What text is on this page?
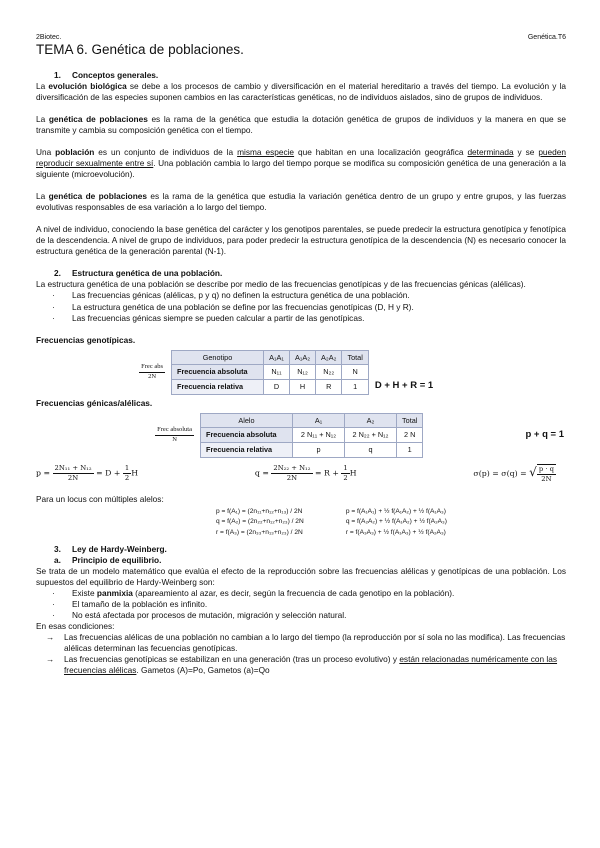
2Biotec.	Genética.T6
TEMA 6. Genética de poblaciones.
1. Conceptos generales.

La evolución biológica se debe a los procesos de cambio y diversificación en el material hereditario a través del tiempo. La evolución y la diversificación de las especies suponen cambios en las características genéticas, no de individuos aislados, sino de grupos de individuos.

La genética de poblaciones es la rama de la genética que estudia la dotación genética de grupos de individuos y la manera en que se transmite y cambia su composición genética con el tiempo.

Una población es un conjunto de individuos de la misma especie que habitan en una localización geográfica determinada y se pueden reproducir sexualmente entre sí. Una población cambia lo largo del tiempo porque se modifica su composición genética de una generación a la siguiente (microevolución).

La genética de poblaciones es la rama de la genética que estudia la variación genética dentro de un grupo y entre grupos, y las fuerzas evolutivas responsables de esa variación a lo largo del tiempo.

A nivel de individuo, conociendo la base genética del carácter y los genotipos parentales, se puede predecir la estructura genotípica y fenotípica de la descendencia. A nivel de grupo de individuos, para poder predecir la estructura genotípica de la descendencia (N) es necesario conocer la estructura genética de la generación parental (N-1).

2. Estructura genética de una población.

La estructura genética de una población se describe por medio de las frecuencias genotípicas y de las frecuencias génicas (alélicas).

· Las frecuencias génicas (alélicas, p y q) no definen la estructura genética de una población.
· La estructura genética de una población se define por las frecuencias genotípicas (D, H y R).
· Las frecuencias génicas siempre se pueden calcular a partir de las genotípicas.
Frecuencias genotípicas.
$\frac{\text{Frec abs}}{2N}$
Genotipo	A₁A₁	A₁A₂	A₂A₂	Total
Frecuencia absoluta	N₁₁	N₁₂	N₂₂	N
Frecuencia relativa	D	H	R	1 D + H + R = 1
Frecuencias génicas/alélicas.
$\frac{\text{Frec absoluta}}{N}$
Alelo	A₁	A₂	Total
Frecuencia absoluta	2 N₁₁ + N₁₂	2 N₂₂ + N₁₂	2 N
Frecuencia relativa	p	q	1
p + q = 1
$p = \frac{\text{2N₁₁ + N₁₂}}{2N} = D + \frac{1}{2}$ H	$q = \frac{\text{2N₂₂ + N₁₂}}{2N} = R + \frac{1}{2}$ H	σ(p) = σ(q) = √ $\frac{p \cdot q}{2N}$
Para un locus con múltiples alelos:
p = f(A₁) = (2n₁₁+n₁₂+n₁₃) / 2N
q = f(A₂) = (2n₂₂+n₁₂+n₂₃) / 2N
r = f(A₃) = (2n₃₃+n₁₃+n₂₃) / 2N

p = f(A₁A₁) + ½ f(A₁A₂) + ½ f(A₁A₃)
q = f(A₂A₂) + ½ f(A₁A₂) + ½ f(A₂A₃)
r = f(A₃A₃) + ½ f(A₁A₃) + ½ f(A₂A₃)
3. Ley de Hardy-Weinberg.
a. Principio de equilibrio.

Se trata de un modelo matemático que evalúa el efecto de la reproducción sobre las frecuencias alélicas y genotípicas de una población. Los supuestos del equilibrio de Hardy-Weinberg son:

· Existe panmixia (apareamiento al azar, es decir, según la frecuencia de cada genotipo en la población).
· El tamaño de la población es infinito.
· No está afectada por procesos de mutación, migración y selección natural.
En esas condiciones:
→ Las frecuencias alélicas de una población no cambian a lo largo del tiempo (la reproducción por sí sola no las modifica). Las frecuencias alélicas determinan las fecuencias genotípicas.
→ Las frecuencias genotípicas se estabilizan en una generación (tras un proceso evolutivo) y están relacionadas numéricamente con las frecuencias alélicas. Gametos (A)=Po, Gametos (a)=Qo
